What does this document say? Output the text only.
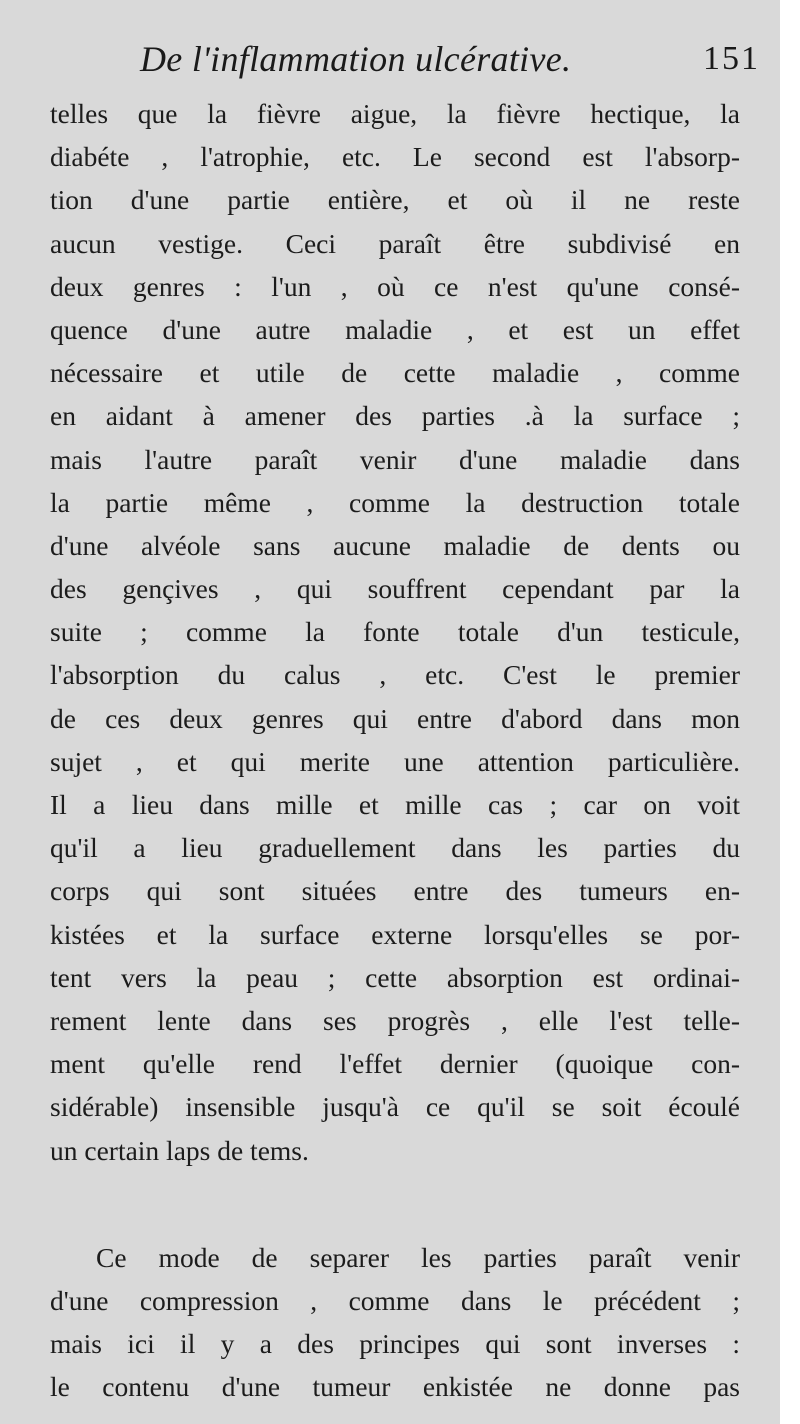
De l'inflammation ulcérative.	151
telles que la fièvre aigue, la fièvre hectique, la
diabéte , l'atrophie, etc. Le second est l'absorp-
tion d'une partie entière, et où il ne reste
aucun vestige. Ceci paraît être subdivisé en
deux genres : l'un , où ce n'est qu'une consé-
quence d'une autre maladie , et est un effet
nécessaire et utile de cette maladie , comme
en aidant à amener des parties .à la surface ;
mais l'autre paraît venir d'une maladie dans
la partie même , comme la destruction totale
d'une alvéole sans aucune maladie de dents ou
des gençives , qui souffrent cependant par la
suite ; comme la fonte totale d'un testicule,
l'absorption du calus , etc. C'est le premier
de ces deux genres qui entre d'abord dans mon
sujet , et qui merite une attention particulière.
Il a lieu dans mille et mille cas ; car on voit
qu'il a lieu graduellement dans les parties du
corps qui sont situées entre des tumeurs en-
kistées et la surface externe lorsqu'elles se por-
tent vers la peau ; cette absorption est ordinai-
rement lente dans ses progrès , elle l'est telle-
ment qu'elle rend l'effet dernier (quoique con-
sidérable) insensible jusqu'à ce qu'il se soit écoulé
un certain laps de tems.
Ce mode de separer les parties paraît venir
d'une compression , comme dans le précédent ;
mais ici il y a des principes qui sont inverses :
le contenu d'une tumeur enkistée ne donne pas
